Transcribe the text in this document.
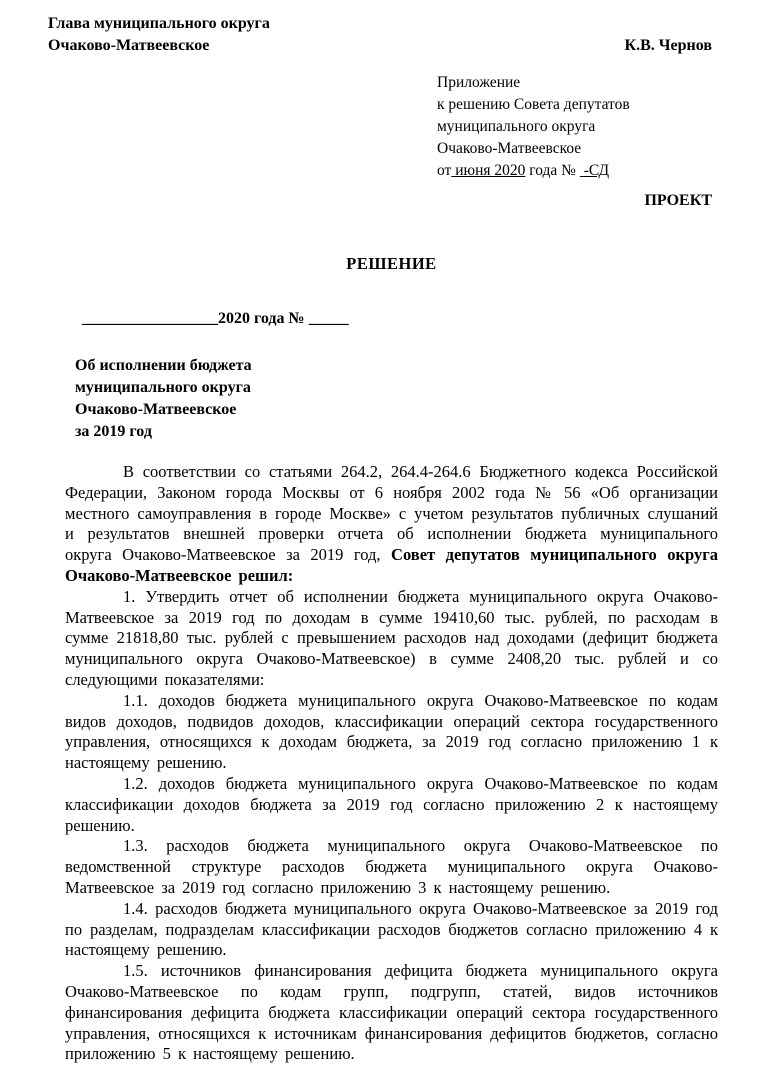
Глава муниципального округа
Очаково-Матвеевское	К.В. Чернов
Приложение
к решению Совета депутатов
муниципального округа
Очаково-Матвеевское
от июня 2020 года №  -СД
ПРОЕКТ
РЕШЕНИЕ
_________________2020 года № _____
Об исполнении бюджета
муниципального округа
Очаково-Матвеевское
за 2019 год

В соответствии со статьями 264.2, 264.4-264.6 Бюджетного кодекса Российской Федерации, Законом города Москвы от 6 ноября 2002 года № 56 «Об организации местного самоуправления в городе Москве» с учетом результатов публичных слушаний и результатов внешней проверки отчета об исполнении бюджета муниципального округа Очаково-Матвеевское за 2019 год, Совет депутатов муниципального округа Очаково-Матвеевское решил:

1. Утвердить отчет об исполнении бюджета муниципального округа Очаково-Матвеевское за 2019 год по доходам в сумме 19410,60 тыс. рублей, по расходам в сумме 21818,80 тыс. рублей с превышением расходов над доходами (дефицит бюджета муниципального округа Очаково-Матвеевское) в сумме 2408,20 тыс. рублей и со следующими показателями:

1.1. доходов бюджета муниципального округа Очаково-Матвеевское по кодам видов доходов, подвидов доходов, классификации операций сектора государственного управления, относящихся к доходам бюджета, за 2019 год согласно приложению 1 к настоящему решению.

1.2. доходов бюджета муниципального округа Очаково-Матвеевское по кодам классификации доходов бюджета за 2019 год согласно приложению 2 к настоящему решению.

1.3. расходов бюджета муниципального округа Очаково-Матвеевское по ведомственной структуре расходов бюджета муниципального округа Очаково-Матвеевское за 2019 год согласно приложению 3 к настоящему решению.

1.4. расходов бюджета муниципального округа Очаково-Матвеевское за 2019 год по разделам, подразделам классификации расходов бюджетов согласно приложению 4 к настоящему решению.

1.5. источников финансирования дефицита бюджета муниципального округа Очаково-Матвеевское по кодам групп, подгрупп, статей, видов источников финансирования дефицита бюджета классификации операций сектора государственного управления, относящихся к источникам финансирования дефицитов бюджетов, согласно приложению 5 к настоящему решению.
